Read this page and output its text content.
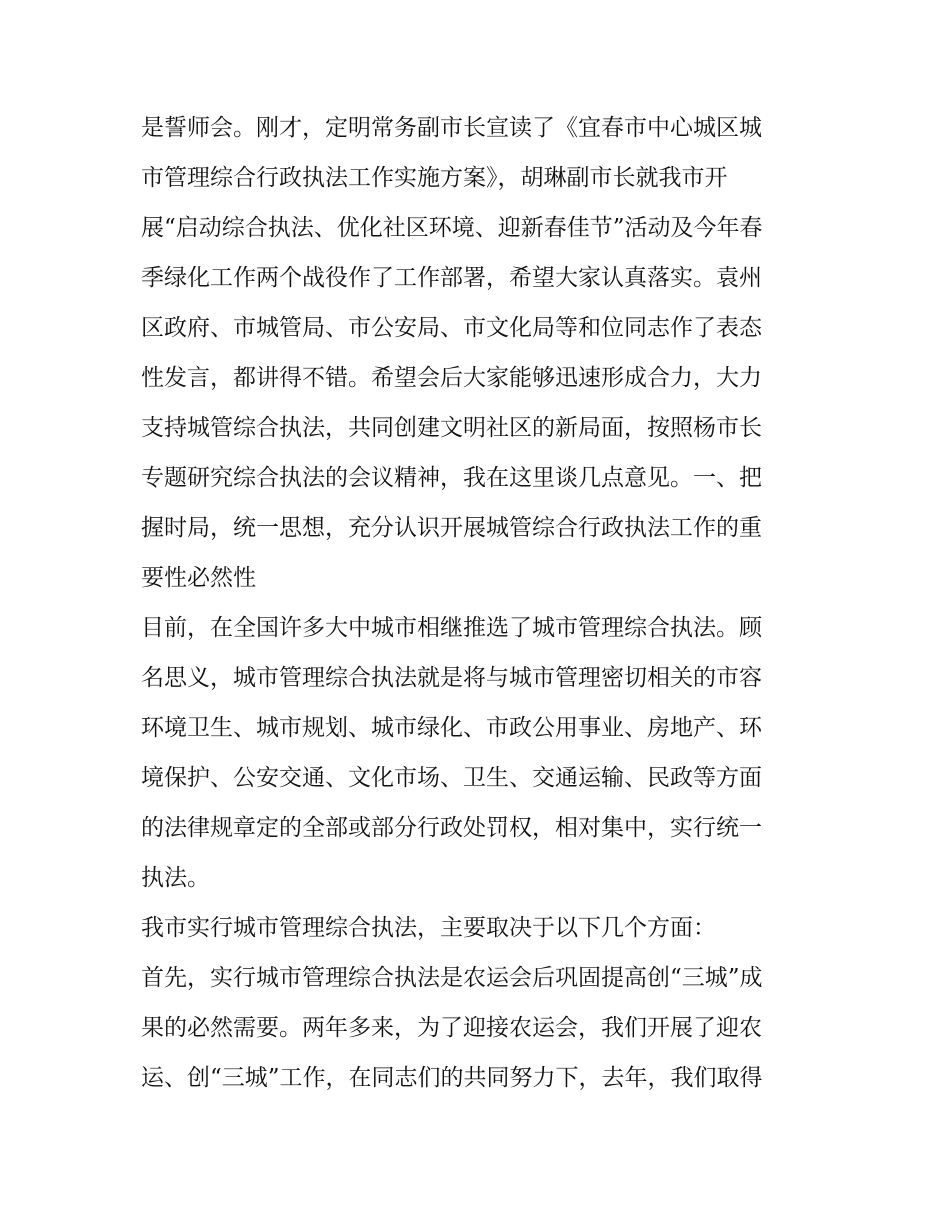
是誓师会。刚才，定明常务副市长宣读了《宜春市中心城区城
市管理综合行政执法工作实施方案》，胡琳副市长就我市开
展“启动综合执法、优化社区环境、迎新春佳节”活动及今年春
季绿化工作两个战役作了工作部署，希望大家认真落实。袁州
区政府、市城管局、市公安局、市文化局等和位同志作了表态
性发言，都讲得不错。希望会后大家能够迅速形成合力，大力
支持城管综合执法，共同创建文明社区的新局面，按照杨市长
专题研究综合执法的会议精神，我在这里谈几点意见。一、把
握时局，统一思想，充分认识开展城管综合行政执法工作的重
要性必然性
目前，在全国许多大中城市相继推选了城市管理综合执法。顾
名思义，城市管理综合执法就是将与城市管理密切相关的市容
环境卫生、城市规划、城市绿化、市政公用事业、房地产、环
境保护、公安交通、文化市场、卫生、交通运输、民政等方面
的法律规章定的全部或部分行政处罚权，相对集中，实行统一
执法。
我市实行城市管理综合执法，主要取决于以下几个方面：
首先，实行城市管理综合执法是农运会后巩固提高创“三城”成
果的必然需要。两年多来，为了迎接农运会，我们开展了迎农
运、创“三城”工作，在同志们的共同努力下，去年，我们取得
